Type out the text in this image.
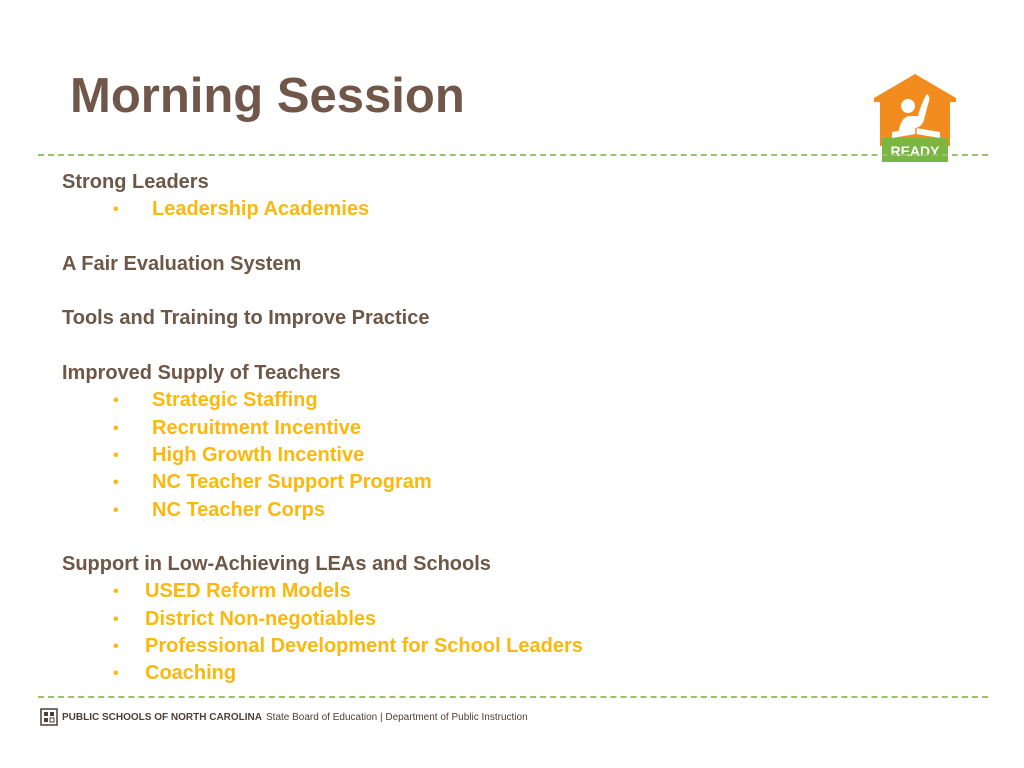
Morning Session
READY
Strong Leaders
•	Leadership Academies
A Fair Evaluation System
Tools and Training to Improve Practice
Improved Supply of Teachers
•	Strategic Staffing
•	Recruitment Incentive
•	High Growth Incentive
•	NC Teacher Support Program
•	NC Teacher Corps
Support in Low-Achieving LEAs and Schools
•	USED Reform Models
•	District Non-negotiables
•	Professional Development for School Leaders
•	Coaching
PUBLIC SCHOOLS OF NORTH CAROLINA State Board of Education | Department of Public Instruction
